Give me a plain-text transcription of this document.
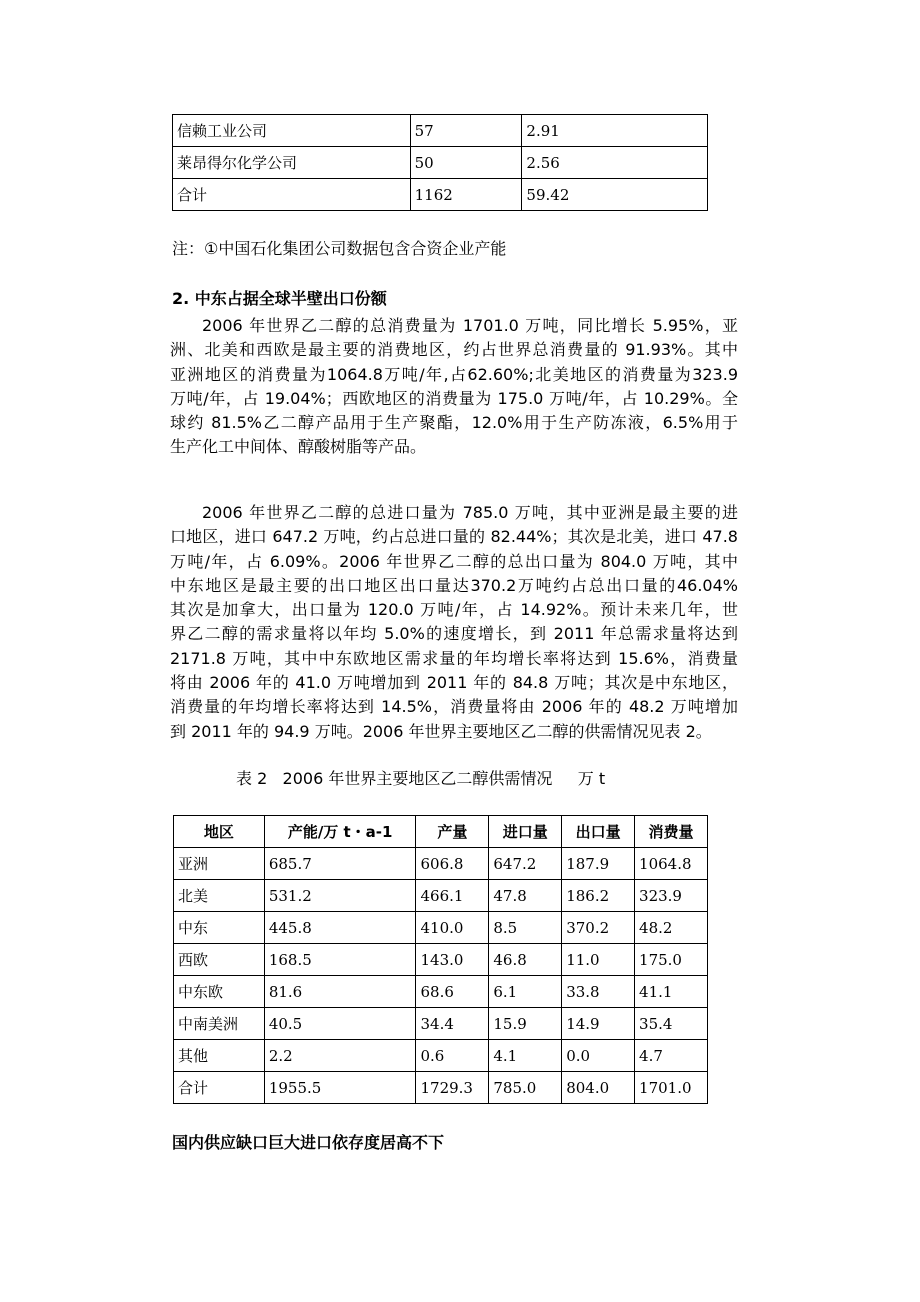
信赖工业公司	57	2.91
莱昂得尔化学公司	50	2.56
合计	1162	59.42
注：①中国石化集团公司数据包含合资企业产能
2. 中东占据全球半壁出口份额
2006 年世界乙二醇的总消费量为 1701.0 万吨，同比增长 5.95%，亚
洲、北美和西欧是最主要的消费地区，约占世界总消费量的 91.93%。其中
亚洲地区的消费量为1064.8万吨/年,占62.60%;北美地区的消费量为323.9
万吨/年，占 19.04%；西欧地区的消费量为 175.0 万吨/年，占 10.29%。全
球约 81.5%乙二醇产品用于生产聚酯，12.0%用于生产防冻液，6.5%用于
生产化工中间体、醇酸树脂等产品。
2006 年世界乙二醇的总进口量为 785.0 万吨，其中亚洲是最主要的进
口地区，进口 647.2 万吨，约占总进口量的 82.44%；其次是北美，进口 47.8
万吨/年，占 6.09%。2006 年世界乙二醇的总出口量为 804.0 万吨，其中
中东地区是最主要的出口地区出口量达370.2万吨约占总出口量的46.04%
其次是加拿大，出口量为 120.0 万吨/年，占 14.92%。预计未来几年，世
界乙二醇的需求量将以年均 5.0%的速度增长，到 2011 年总需求量将达到
2171.8 万吨，其中中东欧地区需求量的年均增长率将达到 15.6%，消费量
将由 2006 年的 41.0 万吨增加到 2011 年的 84.8 万吨；其次是中东地区，
消费量的年均增长率将达到 14.5%，消费量将由 2006 年的 48.2 万吨增加
到 2011 年的 94.9 万吨。2006 年世界主要地区乙二醇的供需情况见表 2。
表 2   2006 年世界主要地区乙二醇供需情况     万 t
地区	产能/万 t・a-1	产量	进口量	出口量	消费量
亚洲	685.7	606.8	647.2	187.9	1064.8
北美	531.2	466.1	47.8	186.2	323.9
中东	445.8	410.0	8.5	370.2	48.2
西欧	168.5	143.0	46.8	11.0	175.0
中东欧	81.6	68.6	6.1	33.8	41.1
中南美洲	40.5	34.4	15.9	14.9	35.4
其他	2.2	0.6	4.1	0.0	4.7
合计	1955.5	1729.3	785.0	804.0	1701.0
国内供应缺口巨大进口依存度居高不下
